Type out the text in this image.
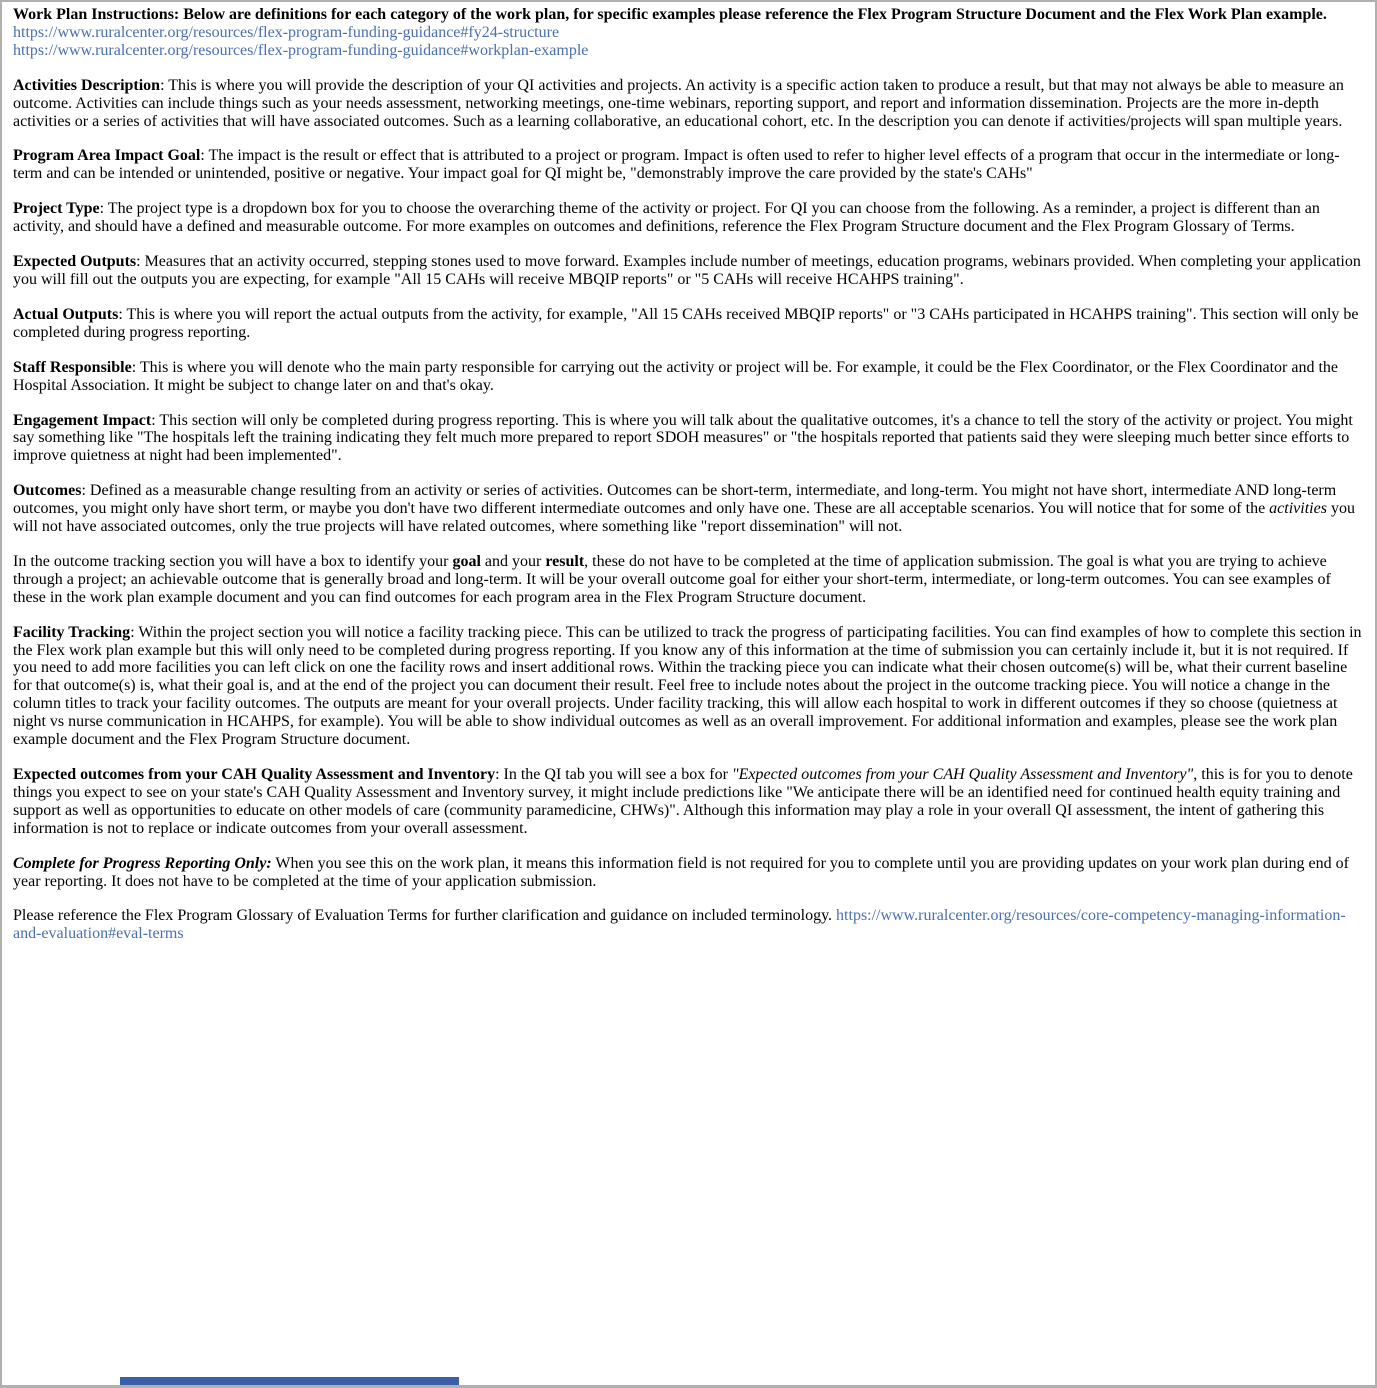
Work Plan Instructions: Below are definitions for each category of the work plan, for specific examples please reference the Flex Program Structure Document and the Flex Work Plan example.
https://www.ruralcenter.org/resources/flex-program-funding-guidance#fy24-structure
https://www.ruralcenter.org/resources/flex-program-funding-guidance#workplan-example
Activities Description: This is where you will provide the description of your QI activities and projects. An activity is a specific action taken to produce a result, but that may not always be able to measure an outcome. Activities can include things such as your needs assessment, networking meetings, one-time webinars, reporting support, and report and information dissemination. Projects are the more in-depth activities or a series of activities that will have associated outcomes. Such as a learning collaborative, an educational cohort, etc. In the description you can denote if activities/projects will span multiple years.
Program Area Impact Goal: The impact is the result or effect that is attributed to a project or program. Impact is often used to refer to higher level effects of a program that occur in the intermediate or long-term and can be intended or unintended, positive or negative. Your impact goal for QI might be, "demonstrably improve the care provided by the state's CAHs"
Project Type: The project type is a dropdown box for you to choose the overarching theme of the activity or project. For QI you can choose from the following. As a reminder, a project is different than an activity, and should have a defined and measurable outcome. For more examples on outcomes and definitions, reference the Flex Program Structure document and the Flex Program Glossary of Terms.
Expected Outputs: Measures that an activity occurred, stepping stones used to move forward. Examples include number of meetings, education programs, webinars provided. When completing your application you will fill out the outputs you are expecting, for example "All 15 CAHs will receive MBQIP reports" or "5 CAHs will receive HCAHPS training".
Actual Outputs: This is where you will report the actual outputs from the activity, for example, "All 15 CAHs received MBQIP reports" or "3 CAHs participated in HCAHPS training". This section will only be completed during progress reporting.
Staff Responsible: This is where you will denote who the main party responsible for carrying out the activity or project will be. For example, it could be the Flex Coordinator, or the Flex Coordinator and the Hospital Association. It might be subject to change later on and that's okay.
Engagement Impact: This section will only be completed during progress reporting. This is where you will talk about the qualitative outcomes, it's a chance to tell the story of the activity or project. You might say something like "The hospitals left the training indicating they felt much more prepared to report SDOH measures" or "the hospitals reported that patients said they were sleeping much better since efforts to improve quietness at night had been implemented".
Outcomes: Defined as a measurable change resulting from an activity or series of activities. Outcomes can be short-term, intermediate, and long-term. You might not have short, intermediate AND long-term outcomes, you might only have short term, or maybe you don't have two different intermediate outcomes and only have one. These are all acceptable scenarios. You will notice that for some of the activities you will not have associated outcomes, only the true projects will have related outcomes, where something like "report dissemination" will not.
In the outcome tracking section you will have a box to identify your goal and your result, these do not have to be completed at the time of application submission. The goal is what you are trying to achieve through a project; an achievable outcome that is generally broad and long-term. It will be your overall outcome goal for either your short-term, intermediate, or long-term outcomes. You can see examples of these in the work plan example document and you can find outcomes for each program area in the Flex Program Structure document.
Facility Tracking: Within the project section you will notice a facility tracking piece. This can be utilized to track the progress of participating facilities. You can find examples of how to complete this section in the Flex work plan example but this will only need to be completed during progress reporting. If you know any of this information at the time of submission you can certainly include it, but it is not required. If you need to add more facilities you can left click on one the facility rows and insert additional rows. Within the tracking piece you can indicate what their chosen outcome(s) will be, what their current baseline for that outcome(s) is, what their goal is, and at the end of the project you can document their result. Feel free to include notes about the project in the outcome tracking piece. You will notice a change in the column titles to track your facility outcomes. The outputs are meant for your overall projects. Under facility tracking, this will allow each hospital to work in different outcomes if they so choose (quietness at night vs nurse communication in HCAHPS, for example). You will be able to show individual outcomes as well as an overall improvement. For additional information and examples, please see the work plan example document and the Flex Program Structure document.
Expected outcomes from your CAH Quality Assessment and Inventory: In the QI tab you will see a box for "Expected outcomes from your CAH Quality Assessment and Inventory", this is for you to denote things you expect to see on your state's CAH Quality Assessment and Inventory survey, it might include predictions like "We anticipate there will be an identified need for continued health equity training and support as well as opportunities to educate on other models of care (community paramedicine, CHWs)". Although this information may play a role in your overall QI assessment, the intent of gathering this information is not to replace or indicate outcomes from your overall assessment.
Complete for Progress Reporting Only: When you see this on the work plan, it means this information field is not required for you to complete until you are providing updates on your work plan during end of year reporting. It does not have to be completed at the time of your application submission.
Please reference the Flex Program Glossary of Evaluation Terms for further clarification and guidance on included terminology. https://www.ruralcenter.org/resources/core-competency-managing-information-and-evaluation#eval-terms
